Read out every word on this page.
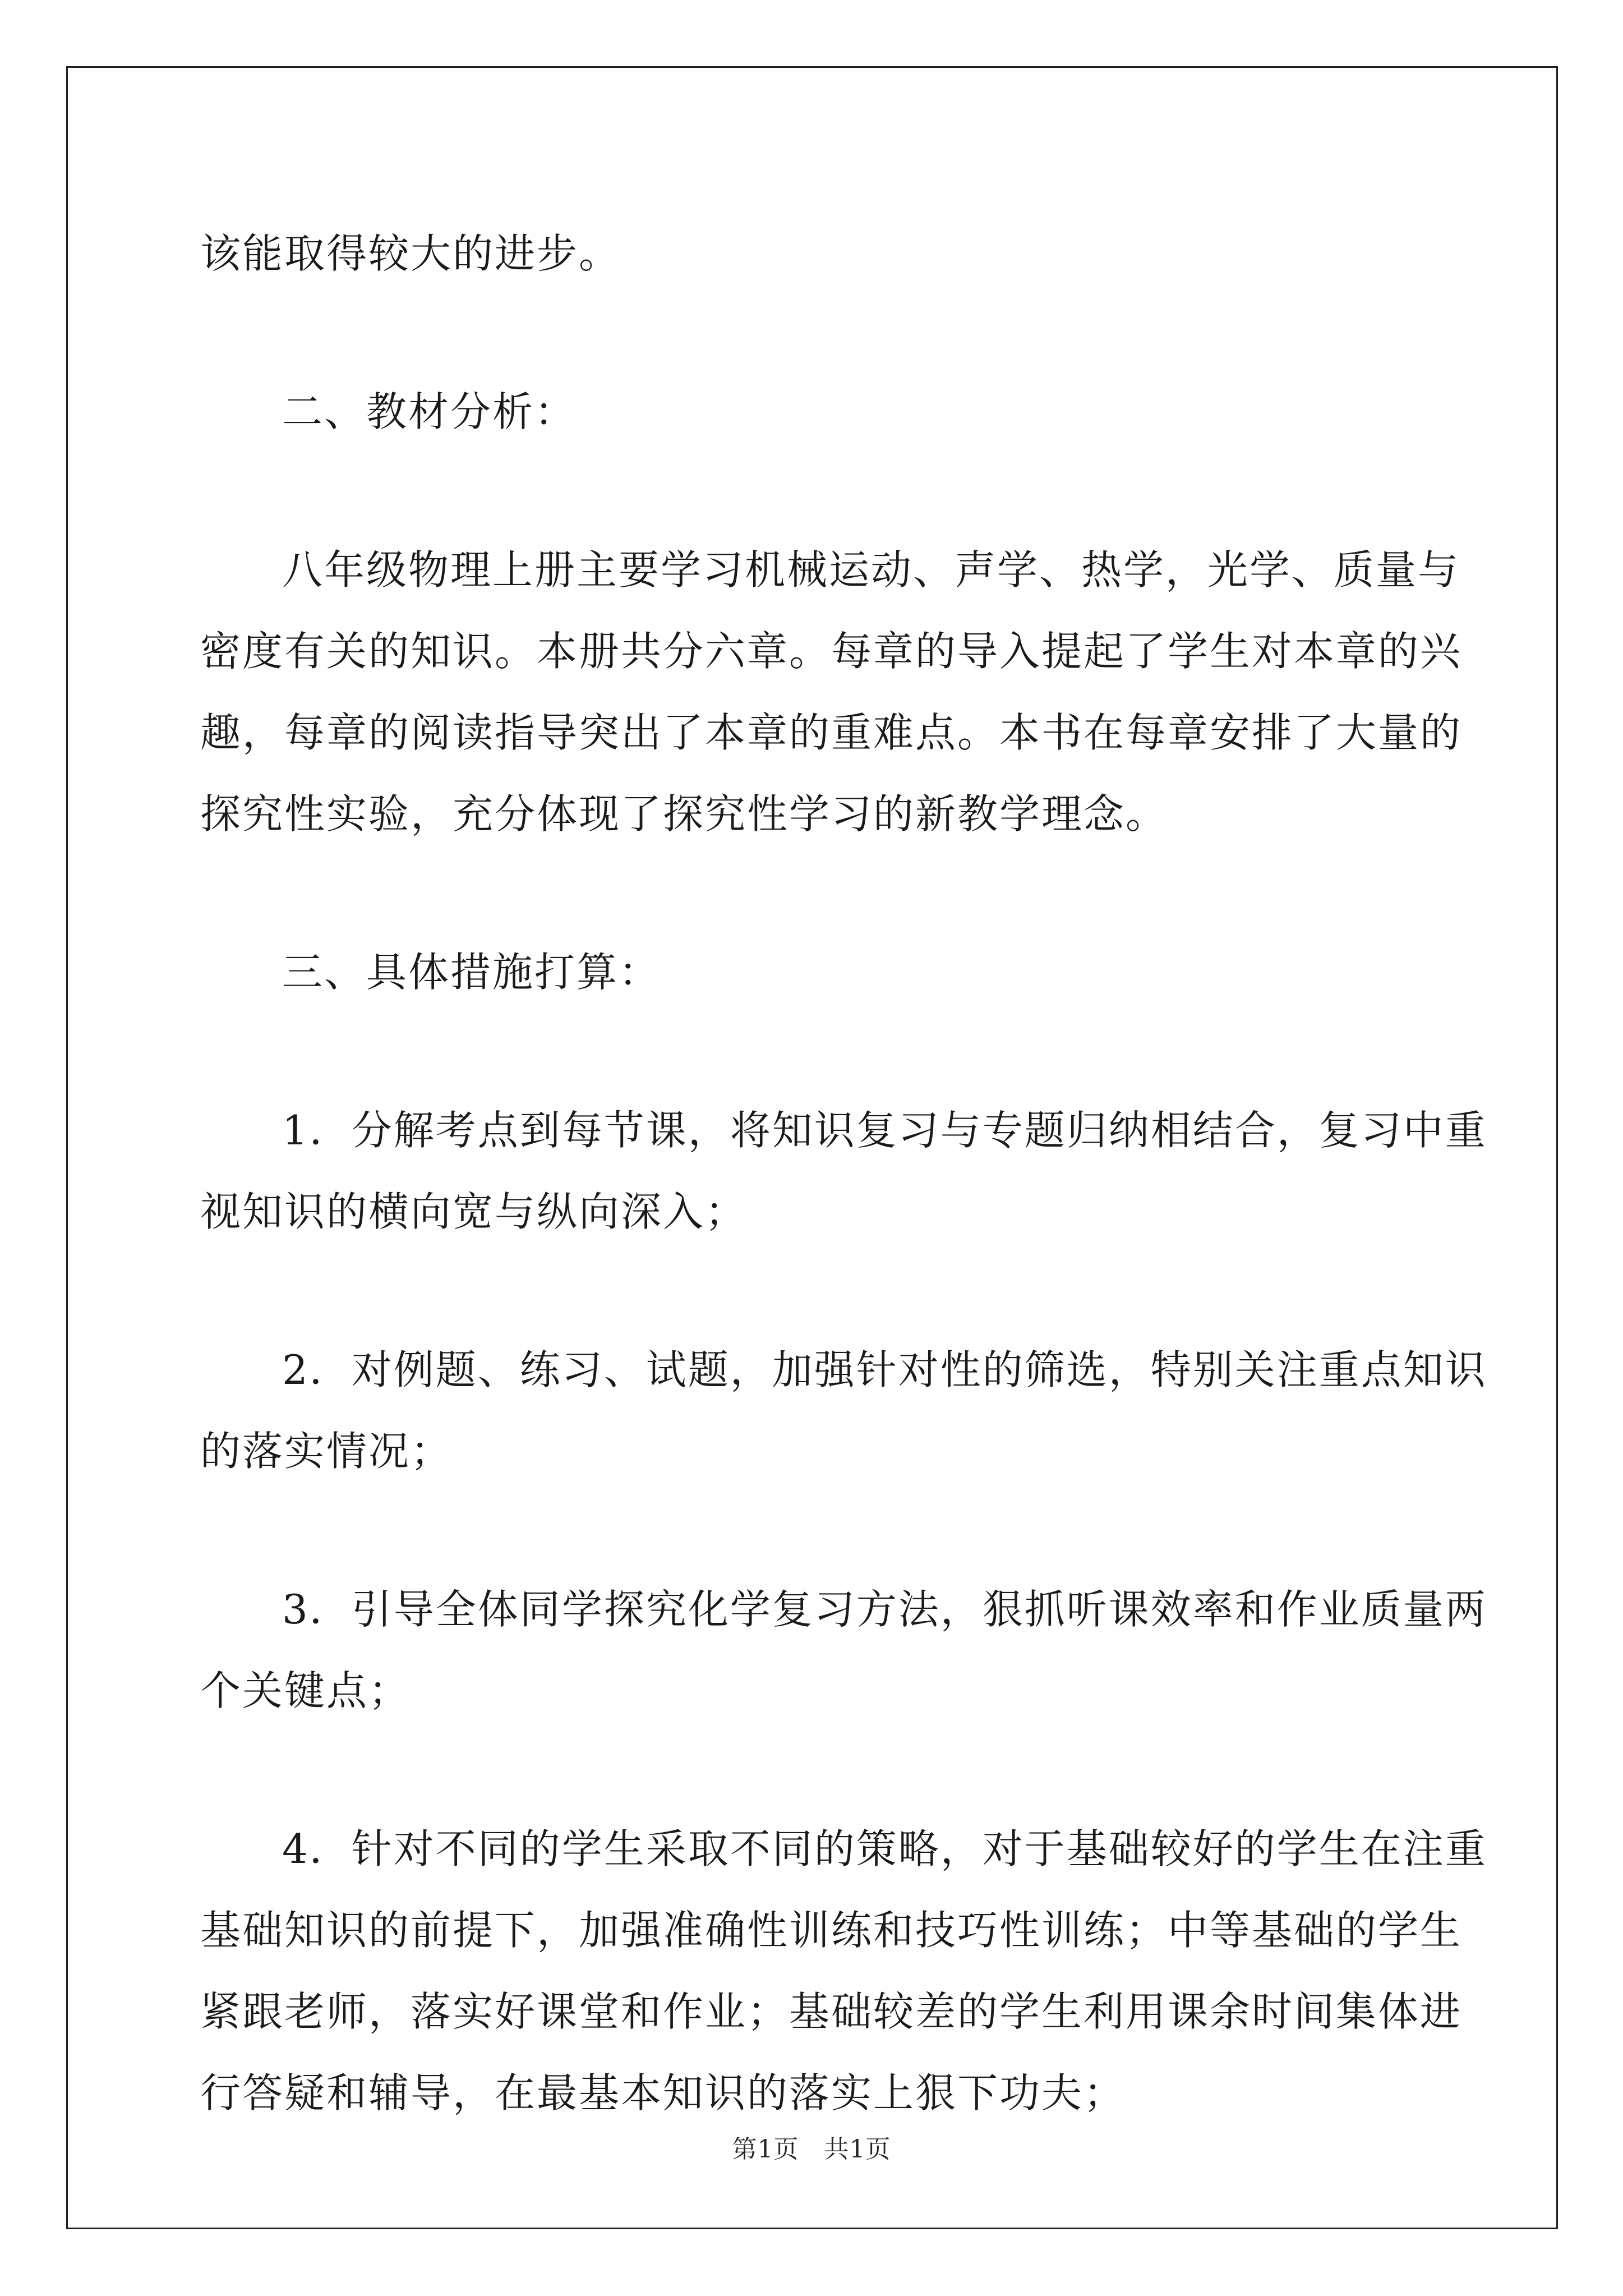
该能取得较大的进步。

二、教材分析：

八年级物理上册主要学习机械运动、声学、热学，光学、质量与
密度有关的知识。本册共分六章。每章的导入提起了学生对本章的兴
趣，每章的阅读指导突出了本章的重难点。本书在每章安排了大量的
探究性实验，充分体现了探究性学习的新教学理念。

三、具体措施打算：

1．分解考点到每节课，将知识复习与专题归纳相结合，复习中重
视知识的横向宽与纵向深入；

2．对例题、练习、试题，加强针对性的筛选，特别关注重点知识
的落实情况；

3．引导全体同学探究化学复习方法，狠抓听课效率和作业质量两
个关键点；

4．针对不同的学生采取不同的策略，对于基础较好的学生在注重
基础知识的前提下，加强准确性训练和技巧性训练；中等基础的学生
紧跟老师，落实好课堂和作业；基础较差的学生利用课余时间集体进
行答疑和辅导，在最基本知识的落实上狠下功夫；

第1页　共1页
